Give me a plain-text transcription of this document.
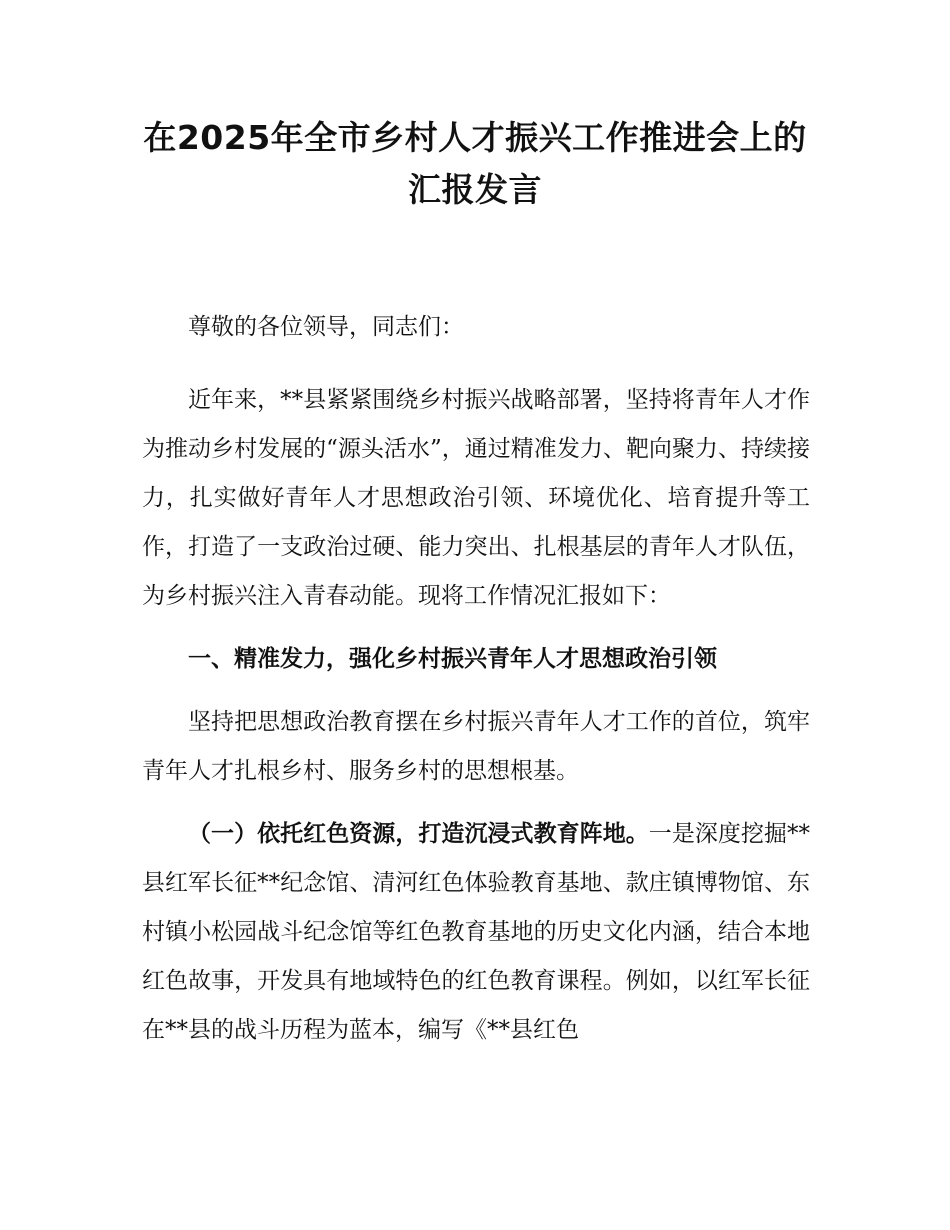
在2025年全市乡村人才振兴工作推进会上的
汇报发言

尊敬的各位领导，同志们：

近年来，**县紧紧围绕乡村振兴战略部署，坚持将青年人才作为推动乡村发展的“源头活水”，通过精准发力、靶向聚力、持续接力，扎实做好青年人才思想政治引领、环境优化、培育提升等工作，打造了一支政治过硬、能力突出、扎根基层的青年人才队伍，为乡村振兴注入青春动能。现将工作情况汇报如下：

一、精准发力，强化乡村振兴青年人才思想政治引领

坚持把思想政治教育摆在乡村振兴青年人才工作的首位，筑牢青年人才扎根乡村、服务乡村的思想根基。

（一）依托红色资源，打造沉浸式教育阵地。一是深度挖掘**县红军长征**纪念馆、清河红色体验教育基地、款庄镇博物馆、东村镇小松园战斗纪念馆等红色教育基地的历史文化内涵，结合本地红色故事，开发具有地域特色的红色教育课程。例如，以红军长征在**县的战斗历程为蓝本，编写《**县红色
